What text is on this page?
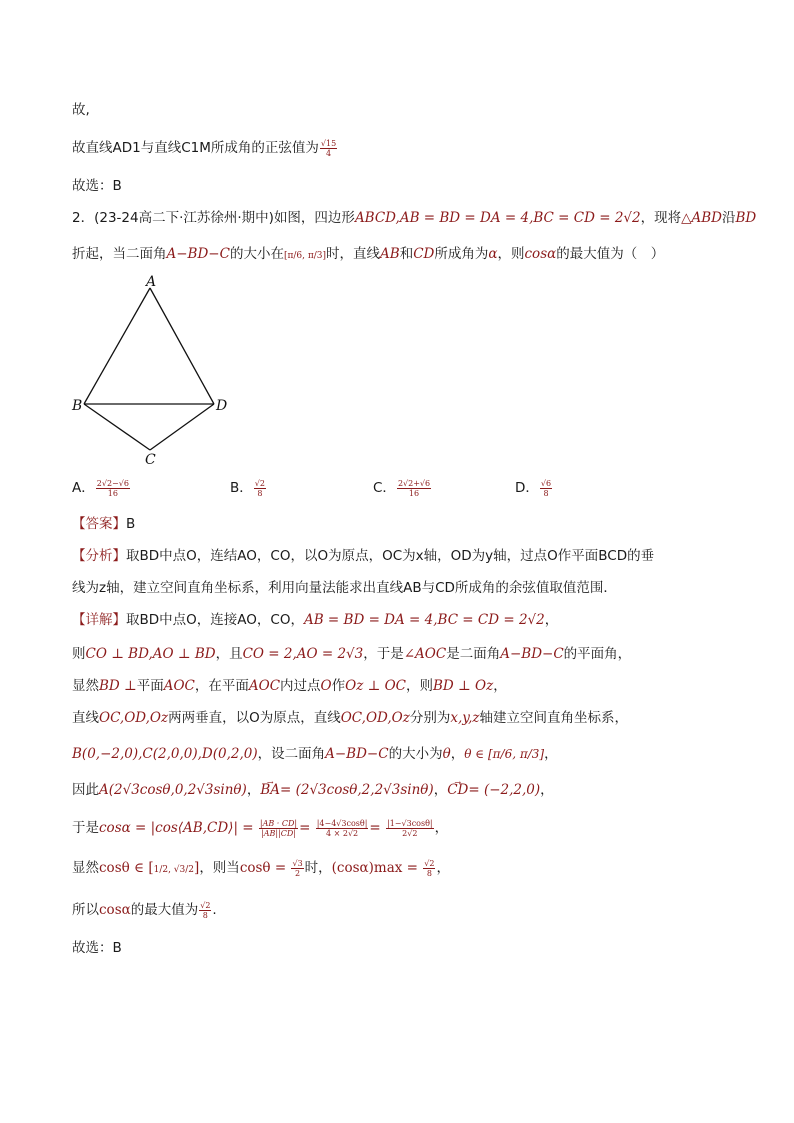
故,
故直线AD1与直线C1M所成角的正弦值为 $\frac{√15}{4}$
故选：B
2．(23-24高二下·江苏徐州·期中)如图，四边形ABCD,AB = BD = DA = 4,BC = CD = 2√2，现将△ABD沿BD
折起，当二面角A−BD−C的大小在[π/6, π/3]时，直线AB和CD所成角为α，则cosα的最大值为（　）
A
B	D
C
A． $\frac{2√2-√6}{16}$	B． $\frac{√2}{8}$	C． $\frac{2√2+√6}{16}$	D． $\frac{√6}{8}$
【答案】B
【分析】取BD中点O，连结AO，CO，以O为原点，OC为x轴，OD为y轴，过点O作平面BCD的垂
线为z轴，建立空间直角坐标系，利用向量法能求出直线AB与CD所成角的余弦值取值范围．
【详解】取BD中点O，连接AO，CO，AB = BD = DA = 4,BC = CD = 2√2，
则CO ⊥ BD,AO ⊥ BD，且CO = 2,AO = 2√3，于是∠AOC是二面角A−BD−C的平面角，
显然BD ⊥平面AOC，在平面AOC内过点O作Oz ⊥ OC，则BD ⊥ Oz，
直线OC,OD,Oz两两垂直，以O为原点，直线OC,OD,Oz分别为x,y,z轴建立空间直角坐标系，
B(0,−2,0),C(2,0,0),D(0,2,0)，设二面角A−BD−C的大小为θ，θ ∈ [π/6, π/3]，
因此A(2√3cosθ,0,2√3sinθ)，→ BA= (2√3cosθ,2,2√3sinθ)，→ CD= (−2,2,0)，
于是cosα = |cos⟨AB,CD⟩| = $\frac{|AB \cdot CD|}{|AB||CD|} = \frac{|4-4√3\cos\theta|}{4 \times 2√2} = \frac{|1-√3\cos\theta|}{2√2}$ ，
显然cosθ ∈ [1/2, √3/2]，则当$\cos\theta = \frac{√3}{2}$ 时，$(\cos\alpha)\max = \frac{√2}{8}$ ，
所以cosα的最大值为 $\frac{√2}{8}$ .
故选：B
